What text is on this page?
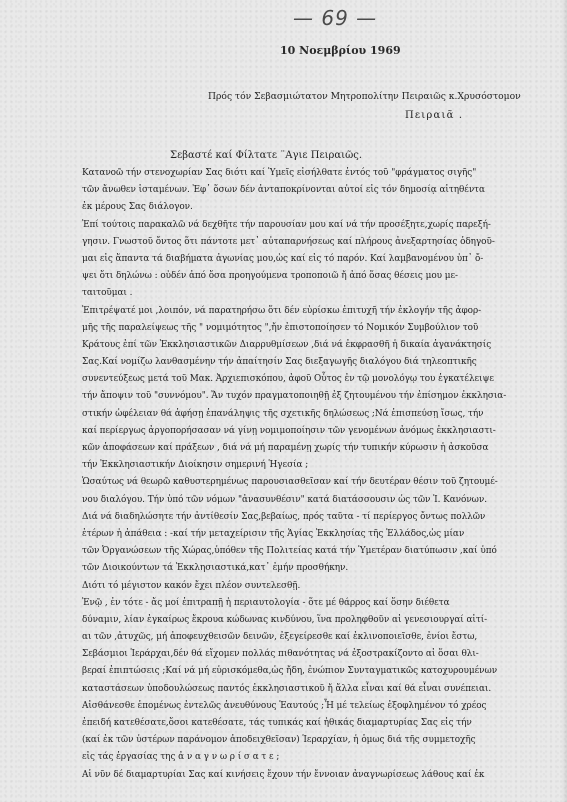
— 69 —
10 Νοεμβρίου 1969
Πρός τόν Σεβασμιώτατον Μητροπολίτην Πειραιῶς κ.Χρυσόστομον
Πειραιᾶ .
Σεβαστέ καί Φίλτατε ¨Αγιε Πειραιῶς.
Κατανοῶ τήν στενοχωρίαν Σας διότι καί Ὑμεῖς εἰσήλθατε ἐντός τοῦ "φράγματος σιγῆς"
τῶν ἄνωθεν ἱσταμένων. Ἐφ᾿ ὅσων δέν ἀνταποκρίνονται αὐτοί εἰς τόν δημοσίᾳ αἰτηθέντα
ἐκ μέρους Σας διάλογον.
Ἐπί τούτοις παρακαλῶ νά δεχθῆτε τήν παρουσίαν μου καί νά τήν προσέξητε,χωρίς παρεξή-
γησιν. Γνωστοῦ ὄντος ὅτι πάντοτε μετ᾿ αὐταπαρνήσεως καί πλήρους ἀνεξαρτησίας ὁδηγοῦ-
μαι εἰς ἅπαντα τά διαβήματα ἀγωνίας μου,ὡς καί εἰς τό παρόν. Καί λαμβανομένου ὑπ᾿ ὄ-
ψει ὅτι δηλώνω : οὐδέν ἀπό ὅσα προηγούμενα τροποποιῶ ἤ ἀπό ὅσας θέσεις μου με-
ταιτοῦμαι .
Ἐπιτρέψατέ μοι ,λοιπόν, νά παρατηρήσω ὅτι δέν εὑρίσκω ἐπιτυχῆ τήν ἐκλογήν τῆς ἀφορ-
μῆς τῆς παραλείψεως τῆς " νομιμότητος ",ἤν ἐπιστοποίησεν τό Νομικόν Συμβούλιον τοῦ
Κράτους ἐπί τῶν Ἐκκλησιαστικῶν Διαρρυθμίσεων ,διά νά ἐκφρασθῆ ἡ δικαία ἀγανάκτησίς
Σας.Καί νομίζω λανθασμένην τήν ἀπαίτησίν Σας διεξαγωγῆς διαλόγου διά τηλεοπτικῆς
συνεντεύξεως μετά τοῦ Μακ. Ἀρχιεπισκόπου, ἀφοῦ Οὗτος ἐν τῷ μονολόγῳ του ἐγκατέλειψε
τήν ἄποψιν τοῦ "συννόμου". Ἄν τυχόν πραγματοποιηθῇ ἐξ ζητουμένου τήν ἐπίσημον ἐκκλησια-
στικήν ὠφέλειαν θά ἀφήσῃ ἐπανάληψις τῆς σχετικῆς δηλώσεως ;Νά ἐπισπεύσῃ ἴσως, τήν
καί περίεργως ἀργοπορήσασαν νά γίνῃ νομιμοποίησιν τῶν γενομένων ἀνόμως ἐκκλησιαστι-
κῶν ἀποφάσεων καί πράξεων , διά νά μή παραμένῃ χωρίς τήν τυπικήν κύρωσιν ἡ ἀσκοῦσα
τήν Ἐκκλησιαστικήν Διοίκησιν σημερινή Ἡγεσία ;
Ὡσαύτως νά θεωρῶ καθυστερημένως παρουσιασθεῖσαν καί τήν δευτέραν θέσιν τοῦ ζητουμέ-
νου διαλόγου. Τήν ὑπό τῶν νόμων "ἀνασυνθέσιν" κατά διατάσσουσιν ὡς τῶν Ἱ. Κανόνων.
Διά νά διαδηλώσητε τήν ἀντίθεσίν Σας,βεβαίως, πρός ταῦτα - τί περίεργος ὄντως πολλῶν
ἑτέρων ἡ ἀπάθεια : -καί τήν μεταχείρισιν τῆς Ἁγίας Ἐκκλησίας τῆς Ἑλλάδος,ὡς μίαν
τῶν Ὀργανώσεων τῆς Χώρας,ὑπόθεν τῆς Πολιτείας κατά τήν Ὑμετέραν διατύπωσιν ,καί ὑπό
τῶν Διοικούντων τά Ἐκκλησιαστικά,κατ᾿ ἐμήν προσθήκην.
Διότι τό μέγιστον κακόν ἔχει πλέον συντελεσθῇ.
Ἐνῷ , ἐν τότε - ἄς μοί ἐπιτραπῇ ἡ περιαυτολογία - ὅτε μέ θάρρος καί ὅσην διέθετα
δύναμιν, λίαν ἐγκαίρως ἔκρουα κώδωνας κινδύνου, ἵνα προληφθοῦν αἱ γενεσιουργαί αἰτί-
αι τῶν ,ἀτυχῶς, μή ἀποφευχθεισῶν δεινῶν, ἐξεγείρεσθε καί ἐκλινοποιεῖσθε, ἐνίοι ἔστω,
Σεβάσμιοι Ἱεράρχαι,δέν θά εἴχομεν πολλάς πιθανότητας νά ἐξοστρακίζοντο αἱ ὅσαι θλι-
βεραί ἐπιπτώσεις ;Καί νά μή εὑρισκόμεθα,ὡς ἤδη, ἐνώπιον Συνταγματικῶς κατοχυρουμένων
καταστάσεων ὑποδουλώσεως παντός ἐκκλησιαστικοῦ ἤ ἄλλα εἶναι καί θά εἶναι συνέπειαι.
Αἰσθάνεσθε ἑπομένως ἐντελῶς ἀνευθύνους Ἑαυτούς ;Ἦ μέ τελείως ἐξοφλημένον τό χρέος
ἐπειδή κατεθέσατε,ὅσοι κατεθέσατε, τάς τυπικάς καί ἠθικάς διαμαρτυρίας Σας εἰς τήν
(καί ἐκ τῶν ὑστέρων παράνομον ἀποδειχθεῖσαν) Ἱεραρχίαν, ἡ ὁμως διά τῆς συμμετοχῆς
εἰς τάς ἐργασίας της ἀ ν α γ ν ω ρ ί σ α τ ε ;
Αἱ νῦν δέ διαμαρτυρίαι Σας καί κινήσεις ἔχουν τήν ἔννοιαν ἀναγνωρίσεως λάθους καί ἐκ
